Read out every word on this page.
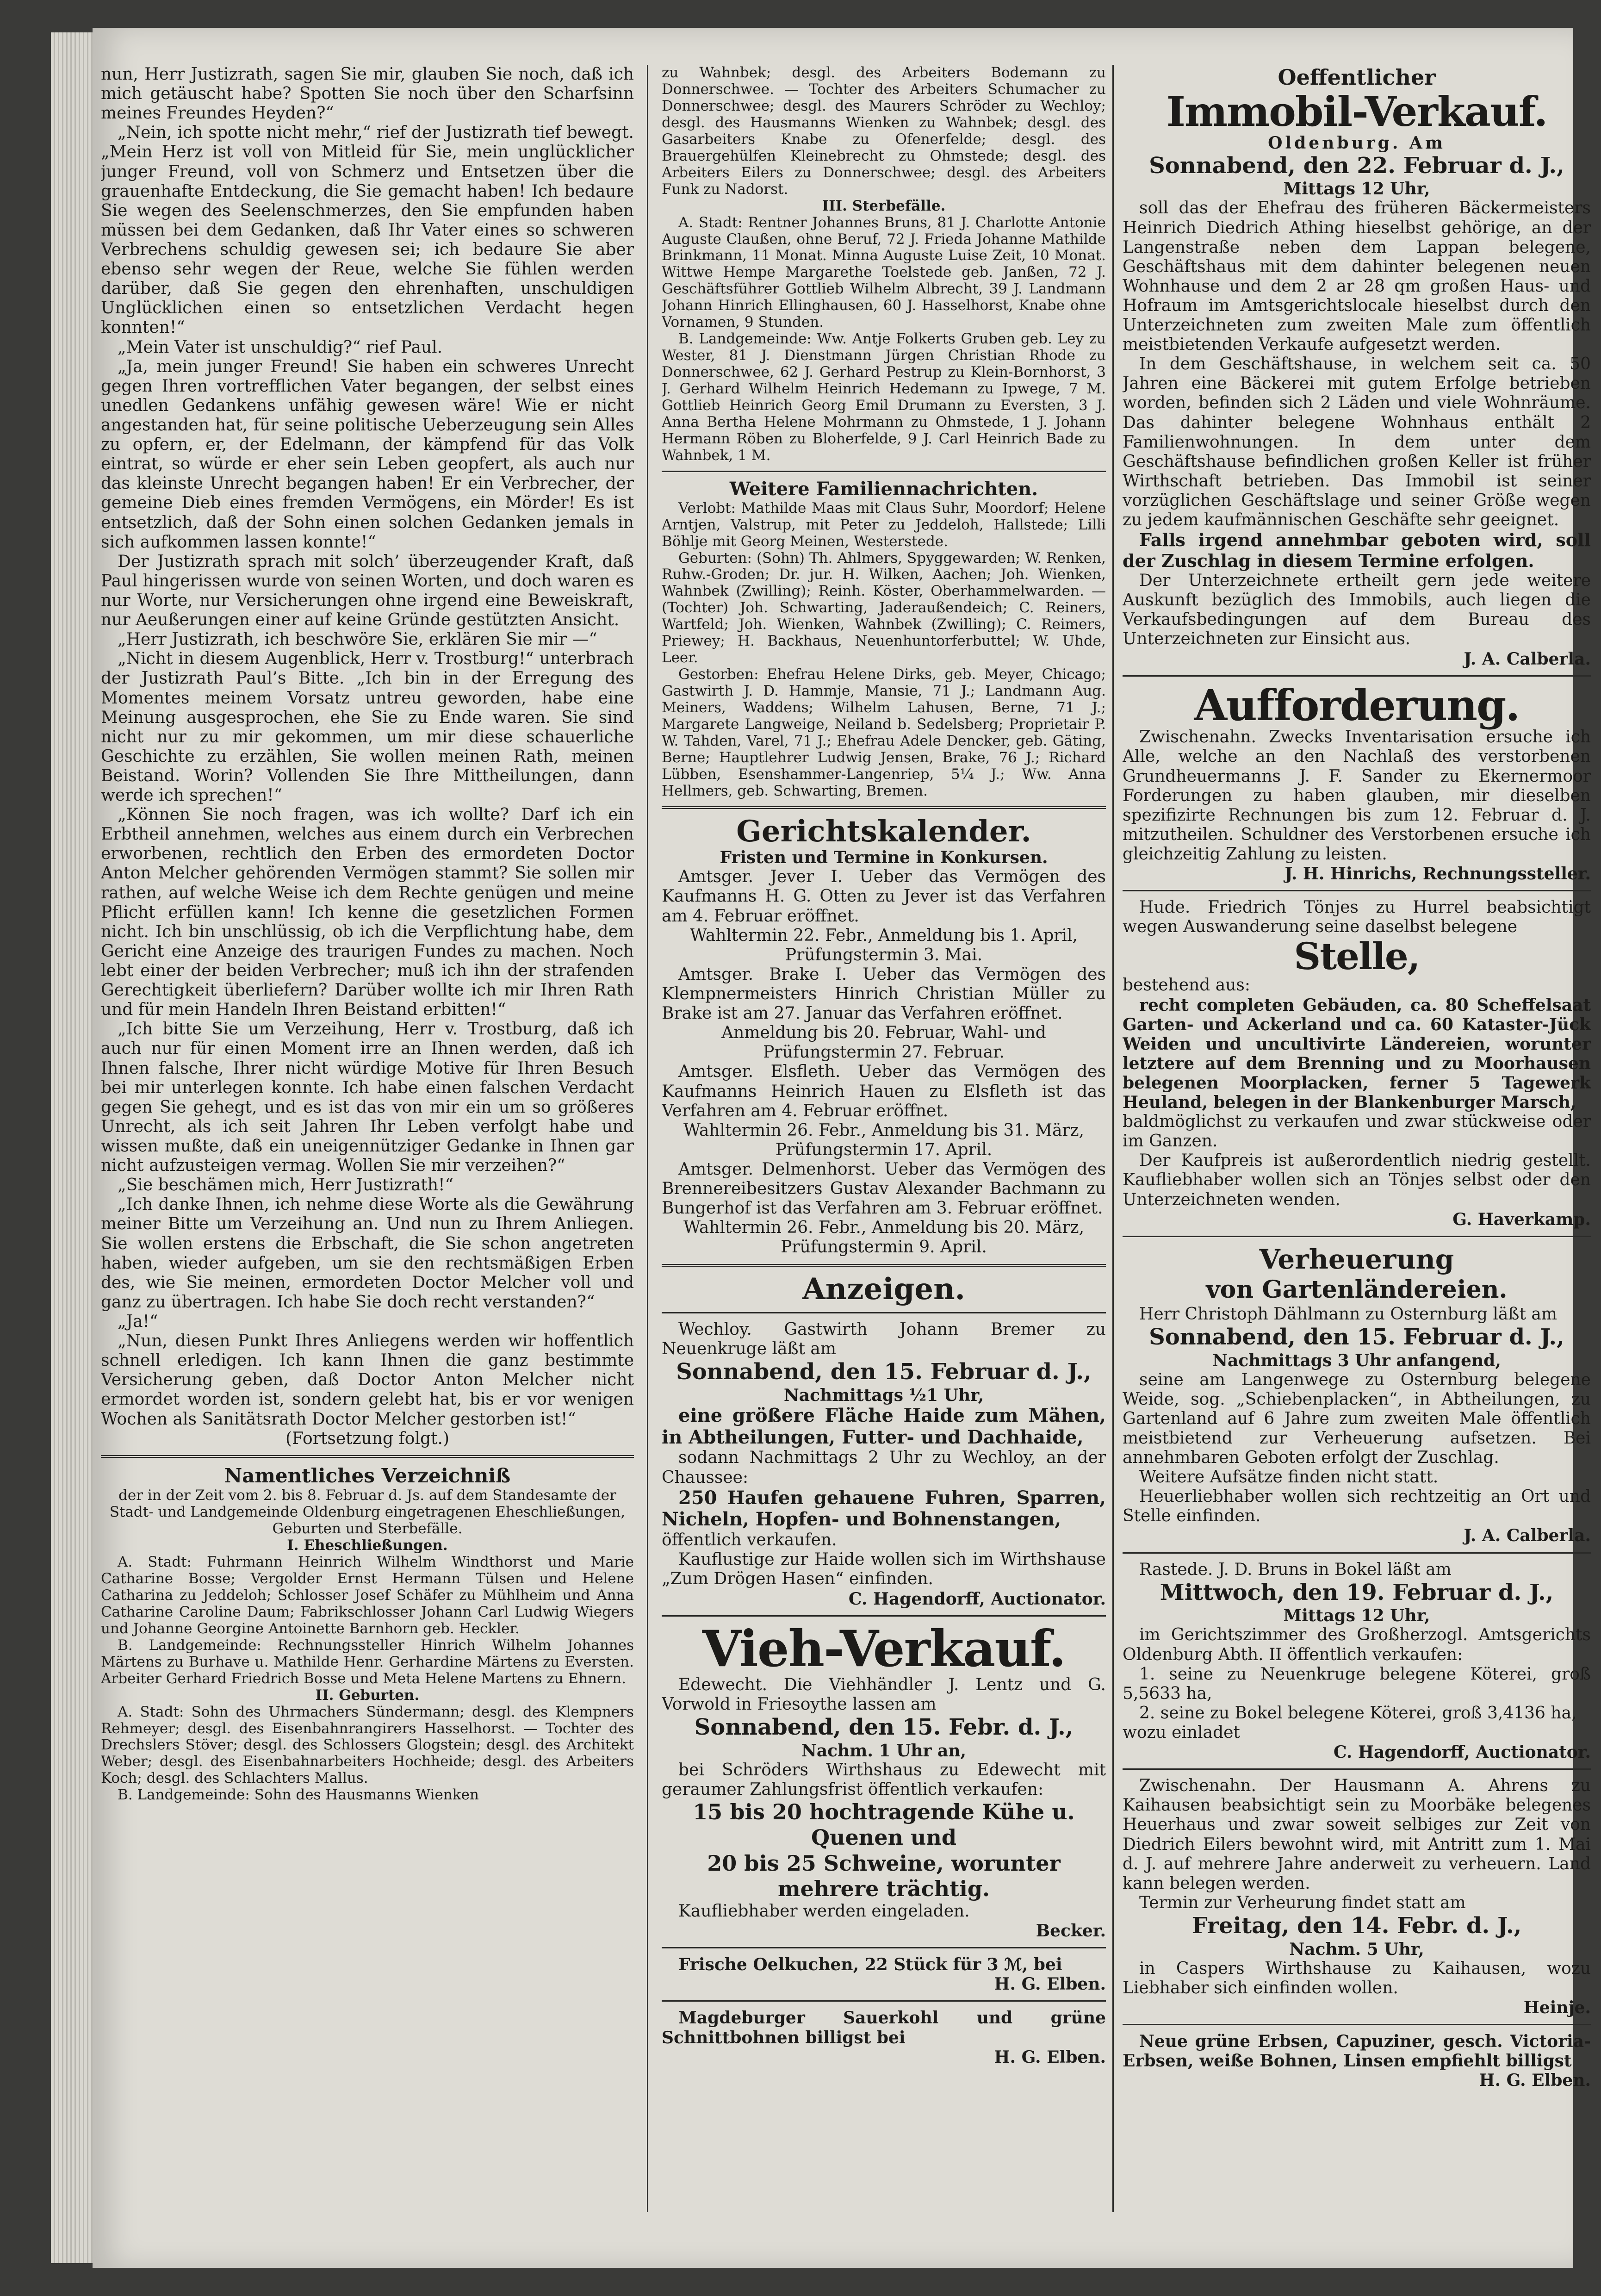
nun, Herr Justizrath, sagen Sie mir, glauben Sie noch, daß ich mich getäuscht habe? Spotten Sie noch über den Scharfsinn meines Freundes Heyden?“

„Nein, ich spotte nicht mehr,“ rief der Justizrath tief bewegt. „Mein Herz ist voll von Mitleid für Sie, mein unglücklicher junger Freund, voll von Schmerz und Entsetzen über die grauenhafte Entdeckung, die Sie gemacht haben! Ich bedaure Sie wegen des Seelenschmerzes, den Sie empfunden haben müssen bei dem Gedanken, daß Ihr Vater eines so schweren Verbrechens schuldig gewesen sei; ich bedaure Sie aber ebenso sehr wegen der Reue, welche Sie fühlen werden darüber, daß Sie gegen den ehrenhaften, unschuldigen Unglücklichen einen so entsetzlichen Verdacht hegen konnten!“

„Mein Vater ist unschuldig?“ rief Paul.

„Ja, mein junger Freund! Sie haben ein schweres Unrecht gegen Ihren vortrefflichen Vater begangen, der selbst eines unedlen Gedankens unfähig gewesen wäre! Wie er nicht angestanden hat, für seine politische Ueberzeugung sein Alles zu opfern, er, der Edelmann, der kämpfend für das Volk eintrat, so würde er eher sein Leben geopfert, als auch nur das kleinste Unrecht begangen haben! Er ein Verbrecher, der gemeine Dieb eines fremden Vermögens, ein Mörder! Es ist entsetzlich, daß der Sohn einen solchen Gedanken jemals in sich aufkommen lassen konnte!“

Der Justizrath sprach mit solch’ überzeugender Kraft, daß Paul hingerissen wurde von seinen Worten, und doch waren es nur Worte, nur Versicherungen ohne irgend eine Beweiskraft, nur Aeußerungen einer auf keine Gründe gestützten Ansicht.

„Herr Justizrath, ich beschwöre Sie, erklären Sie mir —“

„Nicht in diesem Augenblick, Herr v. Trostburg!“ unterbrach der Justizrath Paul’s Bitte. „Ich bin in der Erregung des Momentes meinem Vorsatz untreu geworden, habe eine Meinung ausgesprochen, ehe Sie zu Ende waren. Sie sind nicht nur zu mir gekommen, um mir diese schauerliche Geschichte zu erzählen, Sie wollen meinen Rath, meinen Beistand. Worin? Vollenden Sie Ihre Mittheilungen, dann werde ich sprechen!“

„Können Sie noch fragen, was ich wollte? Darf ich ein Erbtheil annehmen, welches aus einem durch ein Verbrechen erworbenen, rechtlich den Erben des ermordeten Doctor Anton Melcher gehörenden Vermögen stammt? Sie sollen mir rathen, auf welche Weise ich dem Rechte genügen und meine Pflicht erfüllen kann! Ich kenne die gesetzlichen Formen nicht. Ich bin unschlüssig, ob ich die Verpflichtung habe, dem Gericht eine Anzeige des traurigen Fundes zu machen. Noch lebt einer der beiden Verbrecher; muß ich ihn der strafenden Gerechtigkeit überliefern? Darüber wollte ich mir Ihren Rath und für mein Handeln Ihren Beistand erbitten!“

„Ich bitte Sie um Verzeihung, Herr v. Trostburg, daß ich auch nur für einen Moment irre an Ihnen werden, daß ich Ihnen falsche, Ihrer nicht würdige Motive für Ihren Besuch bei mir unterlegen konnte. Ich habe einen falschen Verdacht gegen Sie gehegt, und es ist das von mir ein um so größeres Unrecht, als ich seit Jahren Ihr Leben verfolgt habe und wissen mußte, daß ein uneigennütziger Gedanke in Ihnen gar nicht aufzusteigen vermag. Wollen Sie mir verzeihen?“

„Sie beschämen mich, Herr Justizrath!“

„Ich danke Ihnen, ich nehme diese Worte als die Gewährung meiner Bitte um Verzeihung an. Und nun zu Ihrem Anliegen. Sie wollen erstens die Erbschaft, die Sie schon angetreten haben, wieder aufgeben, um sie den rechtsmäßigen Erben des, wie Sie meinen, ermordeten Doctor Melcher voll und ganz zu übertragen. Ich habe Sie doch recht verstanden?“

„Ja!“

„Nun, diesen Punkt Ihres Anliegens werden wir hoffentlich schnell erledigen. Ich kann Ihnen die ganz bestimmte Versicherung geben, daß Doctor Anton Melcher nicht ermordet worden ist, sondern gelebt hat, bis er vor wenigen Wochen als Sanitätsrath Doctor Melcher gestorben ist!“

(Fortsetzung folgt.)

Namentliches Verzeichniß

der in der Zeit vom 2. bis 8. Februar d. Js. auf dem Standesamte der Stadt- und Landgemeinde Oldenburg eingetragenen Eheschließungen, Geburten und Sterbefälle.

I. Eheschließungen.

A. Stadt: Fuhrmann Heinrich Wilhelm Windthorst und Marie Catharine Bosse; Vergolder Ernst Hermann Tülsen und Helene Catharina zu Jeddeloh; Schlosser Josef Schäfer zu Mühlheim und Anna Catharine Caroline Daum; Fabrikschlosser Johann Carl Ludwig Wiegers und Johanne Georgine Antoinette Barnhorn geb. Heckler.

B. Landgemeinde: Rechnungssteller Hinrich Wilhelm Johannes Märtens zu Burhave u. Mathilde Henr. Gerhardine Märtens zu Eversten. Arbeiter Gerhard Friedrich Bosse und Meta Helene Martens zu Ehnern.

II. Geburten.

A. Stadt: Sohn des Uhrmachers Sündermann; desgl. des Klempners Rehmeyer; desgl. des Eisenbahnrangirers Hasselhorst. — Tochter des Drechslers Stöver; desgl. des Schlossers Glogstein; desgl. des Architekt Weber; desgl. des Eisenbahnarbeiters Hochheide; desgl. des Arbeiters Koch; desgl. des Schlachters Mallus.

B. Landgemeinde: Sohn des Hausmanns Wienken

zu Wahnbek; desgl. des Arbeiters Bodemann zu Donnerschwee. — Tochter des Arbeiters Schumacher zu Donnerschwee; desgl. des Maurers Schröder zu Wechloy; desgl. des Hausmanns Wienken zu Wahnbek; desgl. des Gasarbeiters Knabe zu Ofenerfelde; desgl. des Brauergehülfen Kleinebrecht zu Ohmstede; desgl. des Arbeiters Eilers zu Donnerschwee; desgl. des Arbeiters Funk zu Nadorst.

III. Sterbefälle.

A. Stadt: Rentner Johannes Bruns, 81 J. Charlotte Antonie Auguste Claußen, ohne Beruf, 72 J. Frieda Johanne Mathilde Brinkmann, 11 Monat. Minna Auguste Luise Zeit, 10 Monat. Wittwe Hempe Margarethe Toelstede geb. Janßen, 72 J. Geschäftsführer Gottlieb Wilhelm Albrecht, 39 J. Landmann Johann Hinrich Ellinghausen, 60 J. Hasselhorst, Knabe ohne Vornamen, 9 Stunden.

B. Landgemeinde: Ww. Antje Folkerts Gruben geb. Ley zu Wester, 81 J. Dienstmann Jürgen Christian Rhode zu Donnerschwee, 62 J. Gerhard Pestrup zu Klein-Bornhorst, 3 J. Gerhard Wilhelm Heinrich Hedemann zu Ipwege, 7 M. Gottlieb Heinrich Georg Emil Drumann zu Eversten, 3 J. Anna Bertha Helene Mohrmann zu Ohmstede, 1 J. Johann Hermann Röben zu Bloherfelde, 9 J. Carl Heinrich Bade zu Wahnbek, 1 M.

Weitere Familiennachrichten.

Verlobt: Mathilde Maas mit Claus Suhr, Moordorf; Helene Arntjen, Valstrup, mit Peter zu Jeddeloh, Hallstede; Lilli Böhlje mit Georg Meinen, Westerstede.

Geburten: (Sohn) Th. Ahlmers, Spyggewarden; W. Renken, Ruhw.-Groden; Dr. jur. H. Wilken, Aachen; Joh. Wienken, Wahnbek (Zwilling); Reinh. Köster, Oberhammelwarden. — (Tochter) Joh. Schwarting, Jaderaußendeich; C. Reiners, Wartfeld; Joh. Wienken, Wahnbek (Zwilling); C. Reimers, Priewey; H. Backhaus, Neuenhuntorferbuttel; W. Uhde, Leer.

Gestorben: Ehefrau Helene Dirks, geb. Meyer, Chicago; Gastwirth J. D. Hammje, Mansie, 71 J.; Landmann Aug. Meiners, Waddens; Wilhelm Lahusen, Berne, 71 J.; Margarete Langweige, Neiland b. Sedelsberg; Proprietair P. W. Tahden, Varel, 71 J.; Ehefrau Adele Dencker, geb. Gäting, Berne; Hauptlehrer Ludwig Jensen, Brake, 76 J.; Richard Lübben, Esenshammer-Langenriep, 5¼ J.; Ww. Anna Hellmers, geb. Schwarting, Bremen.

Gerichtskalender.
Fristen und Termine in Konkursen.

Amtsger. Jever I. Ueber das Vermögen des Kaufmanns H. G. Otten zu Jever ist das Verfahren am 4. Februar eröffnet.

Wahltermin 22. Febr., Anmeldung bis 1. April, Prüfungstermin 3. Mai.

Amtsger. Brake I. Ueber das Vermögen des Klempnermeisters Hinrich Christian Müller zu Brake ist am 27. Januar das Verfahren eröffnet.

Anmeldung bis 20. Februar, Wahl- und Prüfungstermin 27. Februar.

Amtsger. Elsfleth. Ueber das Vermögen des Kaufmanns Heinrich Hauen zu Elsfleth ist das Verfahren am 4. Februar eröffnet.

Wahltermin 26. Febr., Anmeldung bis 31. März, Prüfungstermin 17. April.

Amtsger. Delmenhorst. Ueber das Vermögen des Brennereibesitzers Gustav Alexander Bachmann zu Bungerhof ist das Verfahren am 3. Februar eröffnet.

Wahltermin 26. Febr., Anmeldung bis 20. März, Prüfungstermin 9. April.

Anzeigen.

Wechloy. Gastwirth Johann Bremer zu Neuenkruge läßt am

Sonnabend, den 15. Februar d. J.,
Nachmittags ½1 Uhr,

eine größere Fläche Haide zum Mähen, in Abtheilungen, Futter- und Dachhaide,

sodann Nachmittags 2 Uhr zu Wechloy, an der Chaussee:

250 Haufen gehauene Fuhren, Sparren, Nicheln, Hopfen- und Bohnenstangen,

öffentlich verkaufen.

Kauflustige zur Haide wollen sich im Wirthshause „Zum Drögen Hasen“ einfinden.

C. Hagendorff, Auctionator.

Vieh-Verkauf.

Edewecht. Die Viehhändler J. Lentz und G. Vorwold in Friesoythe lassen am

Sonnabend, den 15. Febr. d. J.,
Nachm. 1 Uhr an,

bei Schröders Wirthshaus zu Edewecht mit geraumer Zahlungsfrist öffentlich verkaufen:

15 bis 20 hochtragende Kühe u. Quenen und
20 bis 25 Schweine, worunter mehrere trächtig.

Kaufliebhaber werden eingeladen.

Becker.

Frische Oelkuchen, 22 Stück für 3 ℳ, bei

H. G. Elben.

Magdeburger Sauerkohl und grüne Schnittbohnen billigst bei

H. G. Elben.

Oeffentlicher
Immobil-Verkauf.
Oldenburg. Am
Sonnabend, den 22. Februar d. J.,
Mittags 12 Uhr,

soll das der Ehefrau des früheren Bäckermeisters Heinrich Diedrich Athing hieselbst gehörige, an der Langenstraße neben dem Lappan belegene, Geschäftshaus mit dem dahinter belegenen neuen Wohnhause und dem 2 ar 28 qm großen Haus- und Hofraum im Amtsgerichtslocale hieselbst durch den Unterzeichneten zum zweiten Male zum öffentlich meistbietenden Verkaufe aufgesetzt werden.

In dem Geschäftshause, in welchem seit ca. 50 Jahren eine Bäckerei mit gutem Erfolge betrieben worden, befinden sich 2 Läden und viele Wohnräume. Das dahinter belegene Wohnhaus enthält 2 Familienwohnungen. In dem unter dem Geschäftshause befindlichen großen Keller ist früher Wirthschaft betrieben. Das Immobil ist seiner vorzüglichen Geschäftslage und seiner Größe wegen zu jedem kaufmännischen Geschäfte sehr geeignet.

Falls irgend annehmbar geboten wird, soll der Zuschlag in diesem Termine erfolgen.

Der Unterzeichnete ertheilt gern jede weitere Auskunft bezüglich des Immobils, auch liegen die Verkaufsbedingungen auf dem Bureau des Unterzeichneten zur Einsicht aus.

J. A. Calberla.

Aufforderung.

Zwischenahn. Zwecks Inventarisation ersuche ich Alle, welche an den Nachlaß des verstorbenen Grundheuermanns J. F. Sander zu Ekernermoor Forderungen zu haben glauben, mir dieselben spezifizirte Rechnungen bis zum 12. Februar d. J. mitzutheilen. Schuldner des Verstorbenen ersuche ich gleichzeitig Zahlung zu leisten.

J. H. Hinrichs, Rechnungssteller.

Hude. Friedrich Tönjes zu Hurrel beabsichtigt wegen Auswanderung seine daselbst belegene

Stelle,

bestehend aus:

recht completen Gebäuden, ca. 80 Scheffelsaat Garten- und Ackerland und ca. 60 Kataster-Jück Weiden und uncultivirte Ländereien, worunter letztere auf dem Brenning und zu Moorhausen belegenen Moorplacken, ferner 5 Tagewerk Heuland, belegen in der Blankenburger Marsch,

baldmöglichst zu verkaufen und zwar stückweise oder im Ganzen.

Der Kaufpreis ist außerordentlich niedrig gestellt. Kaufliebhaber wollen sich an Tönjes selbst oder den Unterzeichneten wenden.

G. Haverkamp.

Verheuerung
von Gartenländereien.

Herr Christoph Dählmann zu Osternburg läßt am

Sonnabend, den 15. Februar d. J.,
Nachmittags 3 Uhr anfangend,

seine am Langenwege zu Osternburg belegene Weide, sog. „Schiebenplacken“, in Abtheilungen, zu Gartenland auf 6 Jahre zum zweiten Male öffentlich meistbietend zur Verheuerung aufsetzen. Bei annehmbaren Geboten erfolgt der Zuschlag.

Weitere Aufsätze finden nicht statt.

Heuerliebhaber wollen sich rechtzeitig an Ort und Stelle einfinden.

J. A. Calberla.

Rastede. J. D. Bruns in Bokel läßt am

Mittwoch, den 19. Februar d. J.,
Mittags 12 Uhr,

im Gerichtszimmer des Großherzogl. Amtsgerichts Oldenburg Abth. II öffentlich verkaufen:

1. seine zu Neuenkruge belegene Köterei, groß 5,5633 ha,

2. seine zu Bokel belegene Köterei, groß 3,4136 ha,

wozu einladet

C. Hagendorff, Auctionator.

Zwischenahn. Der Hausmann A. Ahrens zu Kaihausen beabsichtigt sein zu Moorbäke belegenes Heuerhaus und zwar soweit selbiges zur Zeit von Diedrich Eilers bewohnt wird, mit Antritt zum 1. Mai d. J. auf mehrere Jahre anderweit zu verheuern. Land kann belegen werden.

Termin zur Verheurung findet statt am

Freitag, den 14. Febr. d. J.,
Nachm. 5 Uhr,

in Caspers Wirthshause zu Kaihausen, wozu Liebhaber sich einfinden wollen.

Heinje.

Neue grüne Erbsen, Capuziner, gesch. Victoria-Erbsen, weiße Bohnen, Linsen empfiehlt billigst

H. G. Elben.
